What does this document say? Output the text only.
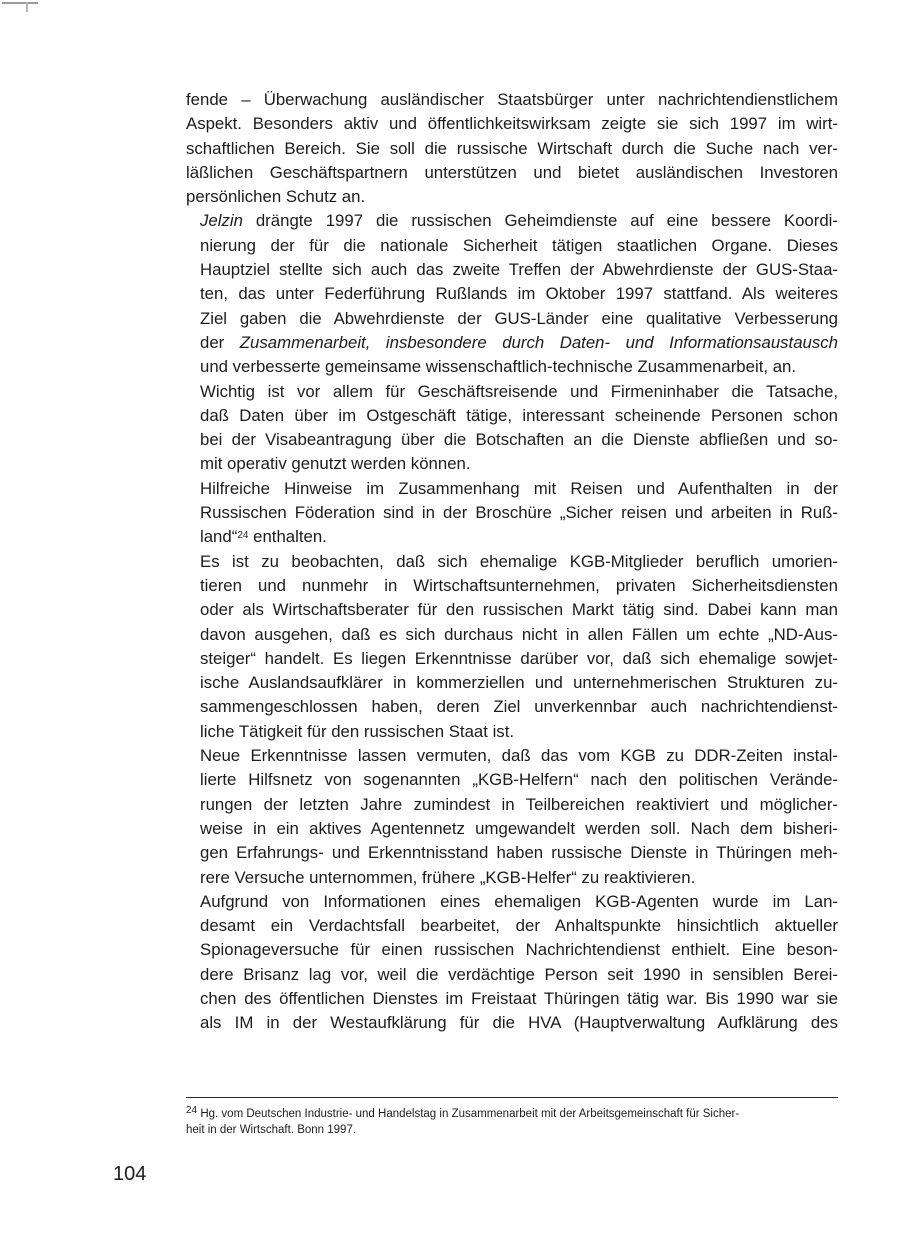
fende – Überwachung ausländischer Staatsbürger unter nachrichtendienstlichem
Aspekt. Besonders aktiv und öffentlichkeitswirksam zeigte sie sich 1997 im wirt-
schaftlichen Bereich. Sie soll die russische Wirtschaft durch die Suche nach ver-
läßlichen Geschäftspartnern unterstützen und bietet ausländischen Investoren
persönlichen Schutz an.

Jelzin drängte 1997 die russischen Geheimdienste auf eine bessere Koordi-
nierung der für die nationale Sicherheit tätigen staatlichen Organe. Dieses
Hauptziel stellte sich auch das zweite Treffen der Abwehrdienste der GUS-Staa-
ten, das unter Federführung Rußlands im Oktober 1997 stattfand. Als weiteres
Ziel gaben die Abwehrdienste der GUS-Länder eine qualitative Verbesserung
der Zusammenarbeit, insbesondere durch Daten- und Informationsaustausch
und verbesserte gemeinsame wissenschaftlich-technische Zusammenarbeit, an.

Wichtig ist vor allem für Geschäftsreisende und Firmeninhaber die Tatsache,
daß Daten über im Ostgeschäft tätige, interessant scheinende Personen schon
bei der Visabeantragung über die Botschaften an die Dienste abfließen und so-
mit operativ genutzt werden können.

Hilfreiche Hinweise im Zusammenhang mit Reisen und Aufenthalten in der
Russischen Föderation sind in der Broschüre „Sicher reisen und arbeiten in Ruß-
land“$^{24}$ enthalten.

Es ist zu beobachten, daß sich ehemalige KGB-Mitglieder beruflich umorien-
tieren und nunmehr in Wirtschaftsunternehmen, privaten Sicherheitsdiensten
oder als Wirtschaftsberater für den russischen Markt tätig sind. Dabei kann man
davon ausgehen, daß es sich durchaus nicht in allen Fällen um echte „ND-Aus-
steiger“ handelt. Es liegen Erkenntnisse darüber vor, daß sich ehemalige sowjet-
ische Auslandsaufklärer in kommerziellen und unternehmerischen Strukturen zu-
sammengeschlossen haben, deren Ziel unverkennbar auch nachrichtendienst-
liche Tätigkeit für den russischen Staat ist.

Neue Erkenntnisse lassen vermuten, daß das vom KGB zu DDR-Zeiten instal-
lierte Hilfsnetz von sogenannten „KGB-Helfern“ nach den politischen Verände-
rungen der letzten Jahre zumindest in Teilbereichen reaktiviert und möglicher-
weise in ein aktives Agentennetz umgewandelt werden soll. Nach dem bisheri-
gen Erfahrungs- und Erkenntnisstand haben russische Dienste in Thüringen meh-
rere Versuche unternommen, frühere „KGB-Helfer“ zu reaktivieren.

Aufgrund von Informationen eines ehemaligen KGB-Agenten wurde im Lan-
desamt ein Verdachtsfall bearbeitet, der Anhaltspunkte hinsichtlich aktueller
Spionageversuche für einen russischen Nachrichtendienst enthielt. Eine beson-
dere Brisanz lag vor, weil die verdächtige Person seit 1990 in sensiblen Berei-
chen des öffentlichen Dienstes im Freistaat Thüringen tätig war. Bis 1990 war sie
als IM in der Westaufklärung für die HVA (Hauptverwaltung Aufklärung des

$^{24}$ Hg. vom Deutschen Industrie- und Handelstag in Zusammenarbeit mit der Arbeitsgemeinschaft für Sicher-
heit in der Wirtschaft. Bonn 1997.
104
